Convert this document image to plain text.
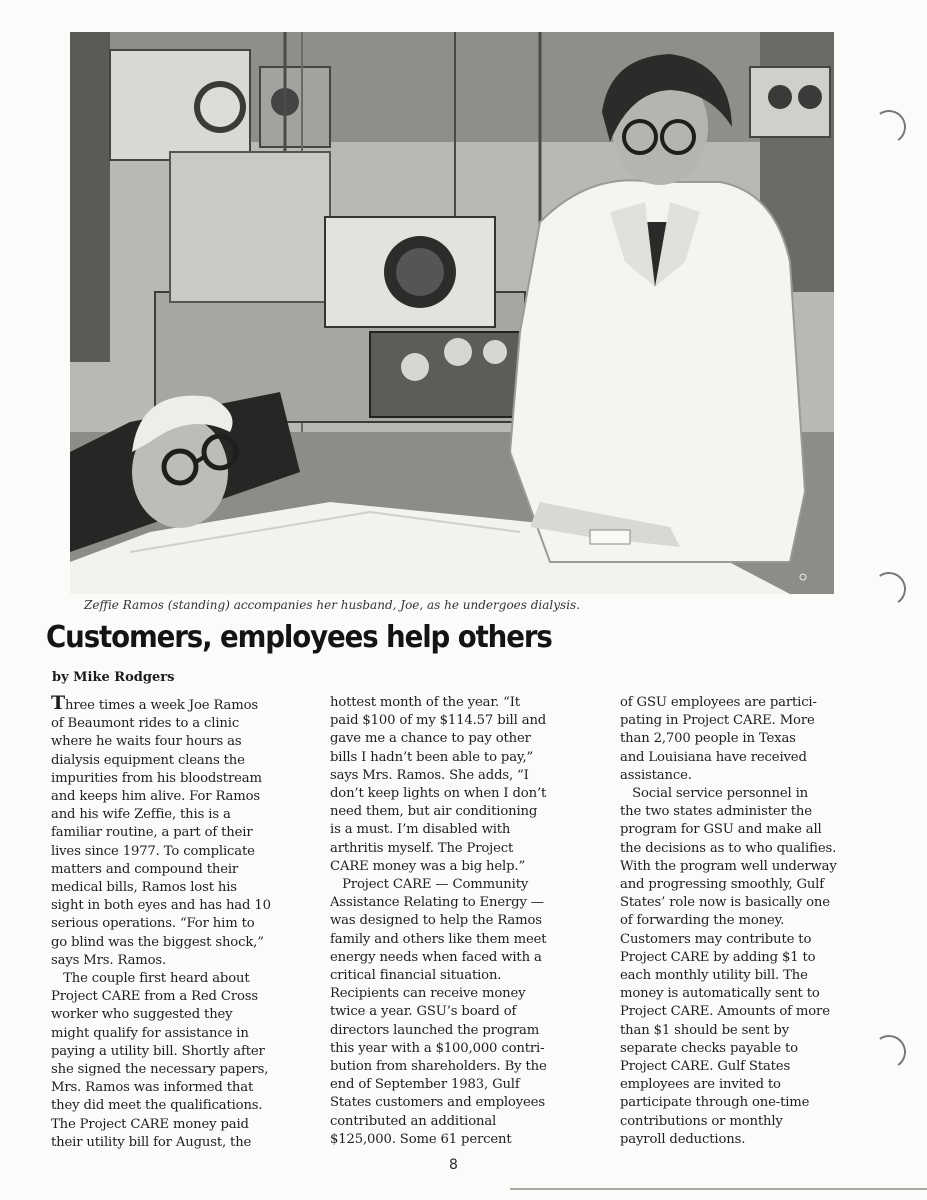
Zeffie Ramos (standing) accompanies her husband, Joe, as he undergoes dialysis.
Customers, employees help others
by Mike Rodgers

Three times a week Joe Ramos

of Beaumont rides to a clinic

where he waits four hours as

dialysis equipment cleans the

impurities from his bloodstream

and keeps him alive. For Ramos

and his wife Zeffie, this is a

familiar routine, a part of their

lives since 1977. To complicate

matters and compound their

medical bills, Ramos lost his

sight in both eyes and has had 10

serious operations. “For him to

go blind was the biggest shock,”

says Mrs. Ramos.

The couple first heard about

Project CARE from a Red Cross

worker who suggested they

might qualify for assistance in

paying a utility bill. Shortly after

she signed the necessary papers,

Mrs. Ramos was informed that

they did meet the qualifications.

The Project CARE money paid

their utility bill for August, the

hottest month of the year. “It

paid $100 of my $114.57 bill and

gave me a chance to pay other

bills I hadn’t been able to pay,”

says Mrs. Ramos. She adds, “I

don’t keep lights on when I don’t

need them, but air conditioning

is a must. I’m disabled with

arthritis myself. The Project

CARE money was a big help.”

Project CARE — Community

Assistance Relating to Energy —

was designed to help the Ramos

family and others like them meet

energy needs when faced with a

critical financial situation.

Recipients can receive money

twice a year. GSU’s board of

directors launched the program

this year with a $100,000 contri-

bution from shareholders. By the

end of September 1983, Gulf

States customers and employees

contributed an additional

$125,000. Some 61 percent

of GSU employees are partici-

pating in Project CARE. More

than 2,700 people in Texas

and Louisiana have received

assistance.

Social service personnel in

the two states administer the

program for GSU and make all

the decisions as to who qualifies.

With the program well underway

and progressing smoothly, Gulf

States’ role now is basically one

of forwarding the money.

Customers may contribute to

Project CARE by adding $1 to

each monthly utility bill. The

money is automatically sent to

Project CARE. Amounts of more

than $1 should be sent by

separate checks payable to

Project CARE. Gulf States

employees are invited to

participate through one-time

contributions or monthly

payroll deductions.

8
